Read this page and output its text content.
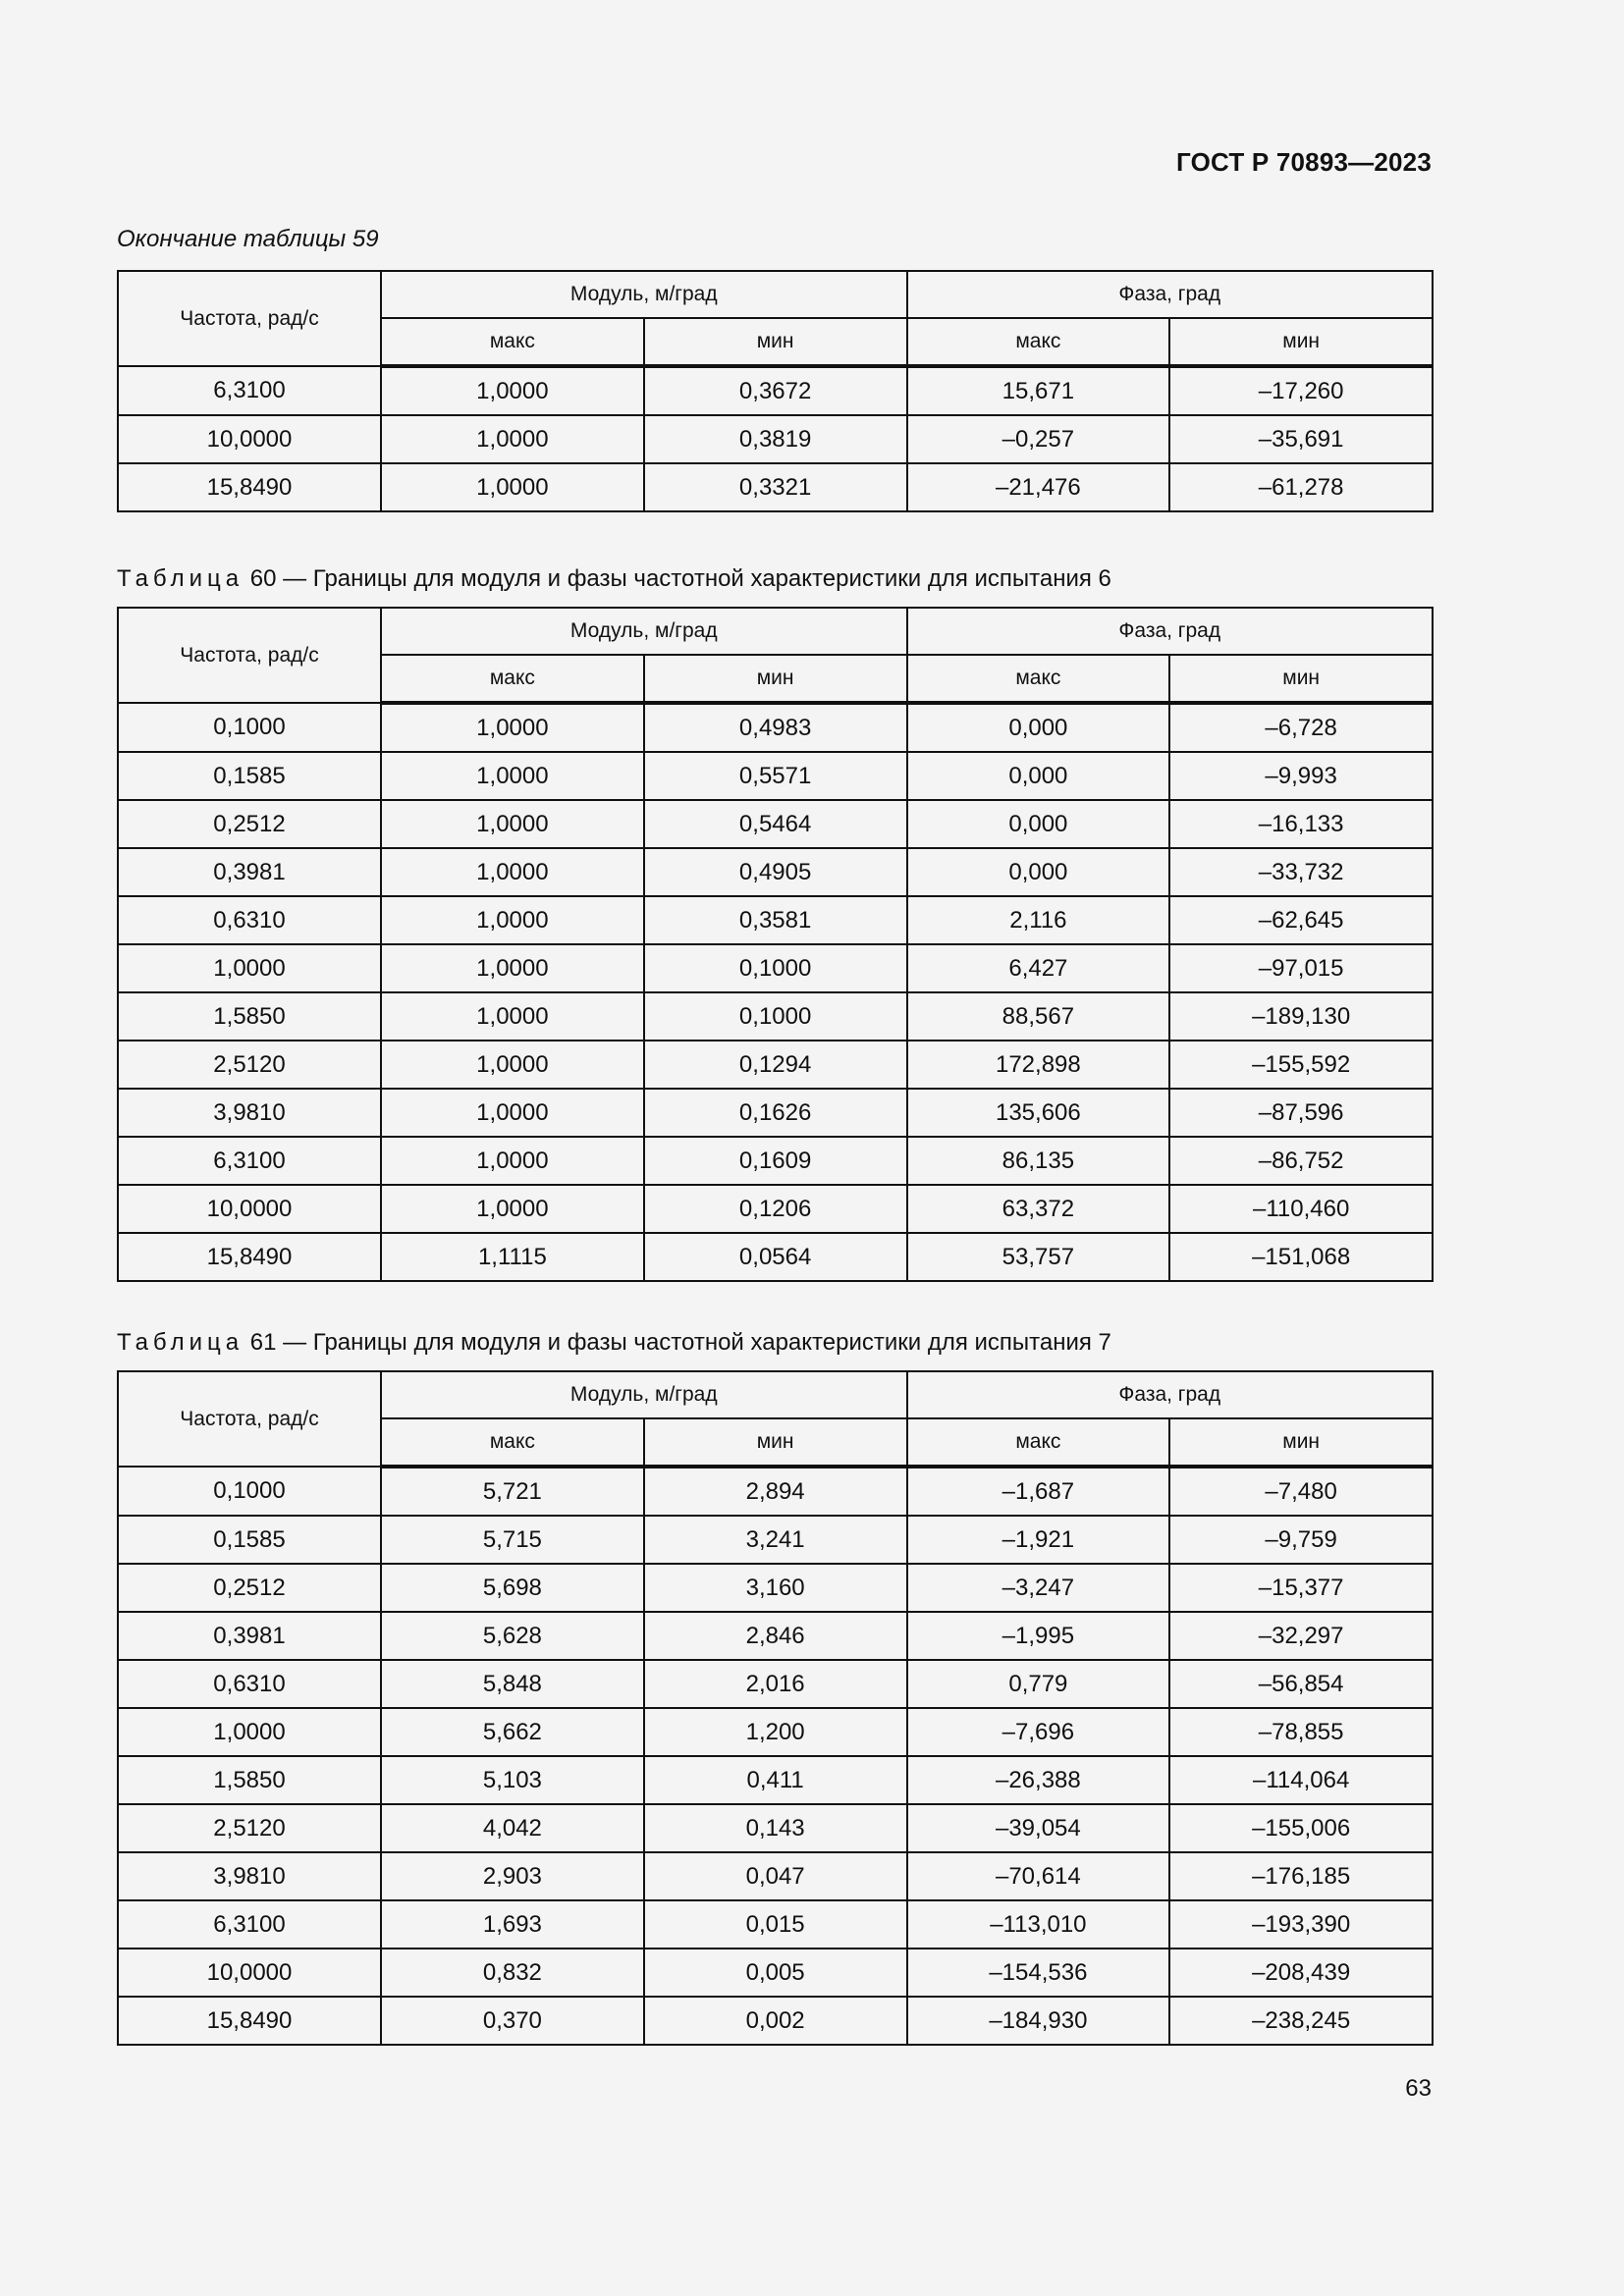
ГОСТ Р 70893—2023
Окончание таблицы 59
Частота, рад/с	Модуль, м/град		Фаза, град	
	макс	мин	макс	мин
6,3100	1,0000	0,3672	15,671	–17,260
10,0000	1,0000	0,3819	–0,257	–35,691
15,8490	1,0000	0,3321	–21,476	–61,278
Таблица 60 — Границы для модуля и фазы частотной характеристики для испытания 6
Частота, рад/с	Модуль, м/град		Фаза, град	
	макс	мин	макс	мин
0,1000	1,0000	0,4983	0,000	–6,728
0,1585	1,0000	0,5571	0,000	–9,993
0,2512	1,0000	0,5464	0,000	–16,133
0,3981	1,0000	0,4905	0,000	–33,732
0,6310	1,0000	0,3581	2,116	–62,645
1,0000	1,0000	0,1000	6,427	–97,015
1,5850	1,0000	0,1000	88,567	–189,130
2,5120	1,0000	0,1294	172,898	–155,592
3,9810	1,0000	0,1626	135,606	–87,596
6,3100	1,0000	0,1609	86,135	–86,752
10,0000	1,0000	0,1206	63,372	–110,460
15,8490	1,1115	0,0564	53,757	–151,068
Таблица 61 — Границы для модуля и фазы частотной характеристики для испытания 7
Частота, рад/с	Модуль, м/град		Фаза, град	
	макс	мин	макс	мин
0,1000	5,721	2,894	–1,687	–7,480
0,1585	5,715	3,241	–1,921	–9,759
0,2512	5,698	3,160	–3,247	–15,377
0,3981	5,628	2,846	–1,995	–32,297
0,6310	5,848	2,016	0,779	–56,854
1,0000	5,662	1,200	–7,696	–78,855
1,5850	5,103	0,411	–26,388	–114,064
2,5120	4,042	0,143	–39,054	–155,006
3,9810	2,903	0,047	–70,614	–176,185
6,3100	1,693	0,015	–113,010	–193,390
10,0000	0,832	0,005	–154,536	–208,439
15,8490	0,370	0,002	–184,930	–238,245
63
